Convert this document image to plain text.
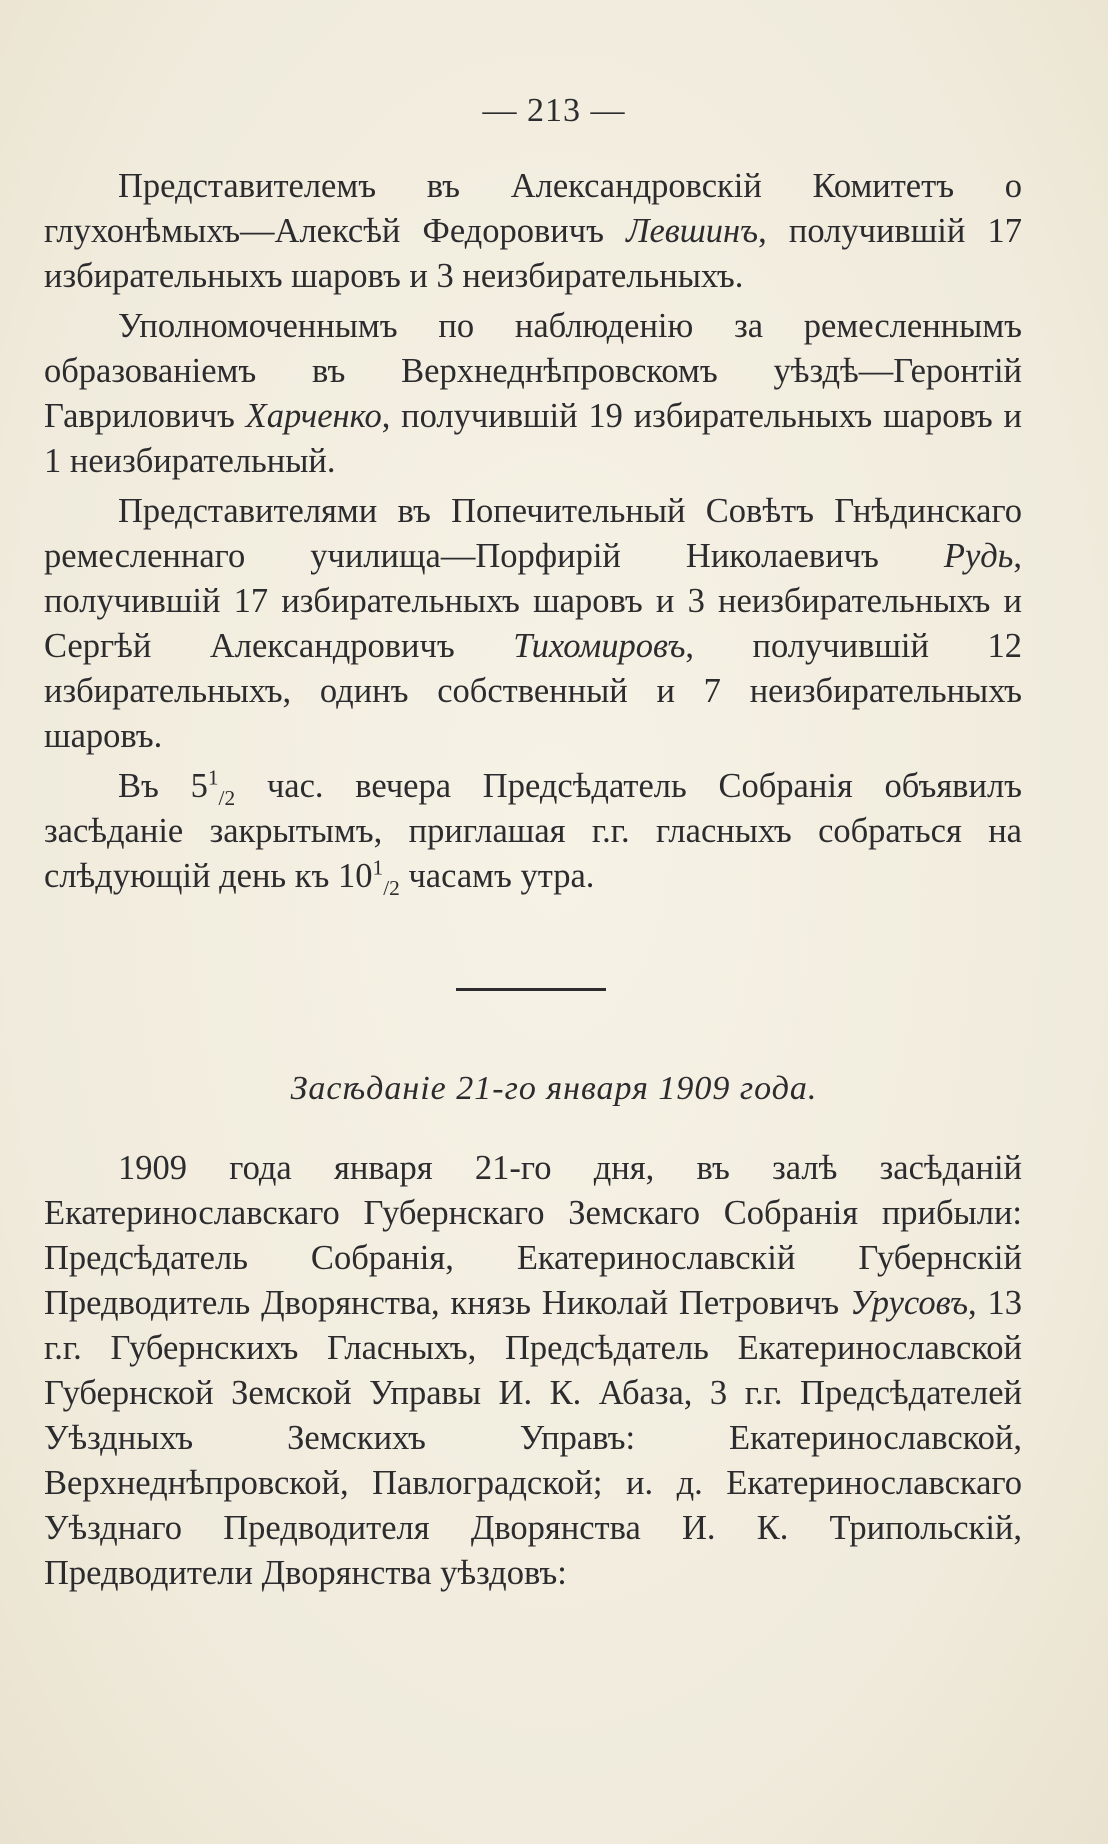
— 213 —

Представителемъ въ Александровскій Комитетъ о глухонѣмыхъ—Алексѣй Федоровичъ Левшинъ, получившій 17 избирательныхъ шаровъ и 3 неизбирательныхъ.

Уполномоченнымъ по наблюденію за ремесленнымъ образованіемъ въ Верхнеднѣпровскомъ уѣздѣ—Геронтій Гавриловичъ Харченко, получившій 19 избирательныхъ шаровъ и 1 неизбирательный.

Представителями въ Попечительный Совѣтъ Гнѣдинскаго ремесленнаго училища—Порфирій Николаевичъ Рудь, получившій 17 избирательныхъ шаровъ и 3 неизбирательныхъ и Сергѣй Александровичъ Тихомировъ, получившій 12 избирательныхъ, одинъ собственный и 7 неизбирательныхъ шаровъ.

Въ $5^1_{/2}$ час. вечера Предсѣдатель Собранія объявилъ засѣданіе закрытымъ, приглашая г.г. гласныхъ собраться на слѣдующій день къ $10^1_{/2}$ часамъ утра.

Засѣданіе 21-го января 1909 года.

1909 года января 21-го дня, въ залѣ засѣданій Екатеринославскаго Губернскаго Земскаго Собранія прибыли: Предсѣдатель Собранія, Екатеринославскій Губернскій Предводитель Дворянства, князь Николай Петровичъ Урусовъ, 13 г.г. Губернскихъ Гласныхъ, Предсѣдатель Екатеринославской Губернской Земской Управы И. К. Абаза, 3 г.г. Предсѣдателей Уѣздныхъ Земскихъ Управъ: Екатеринославской, Верхнеднѣпровской, Павлоградской; и. д. Екатеринославскаго Уѣзднаго Предводителя Дворянства И. К. Трипольскій, Предводители Дворянства уѣздовъ:
